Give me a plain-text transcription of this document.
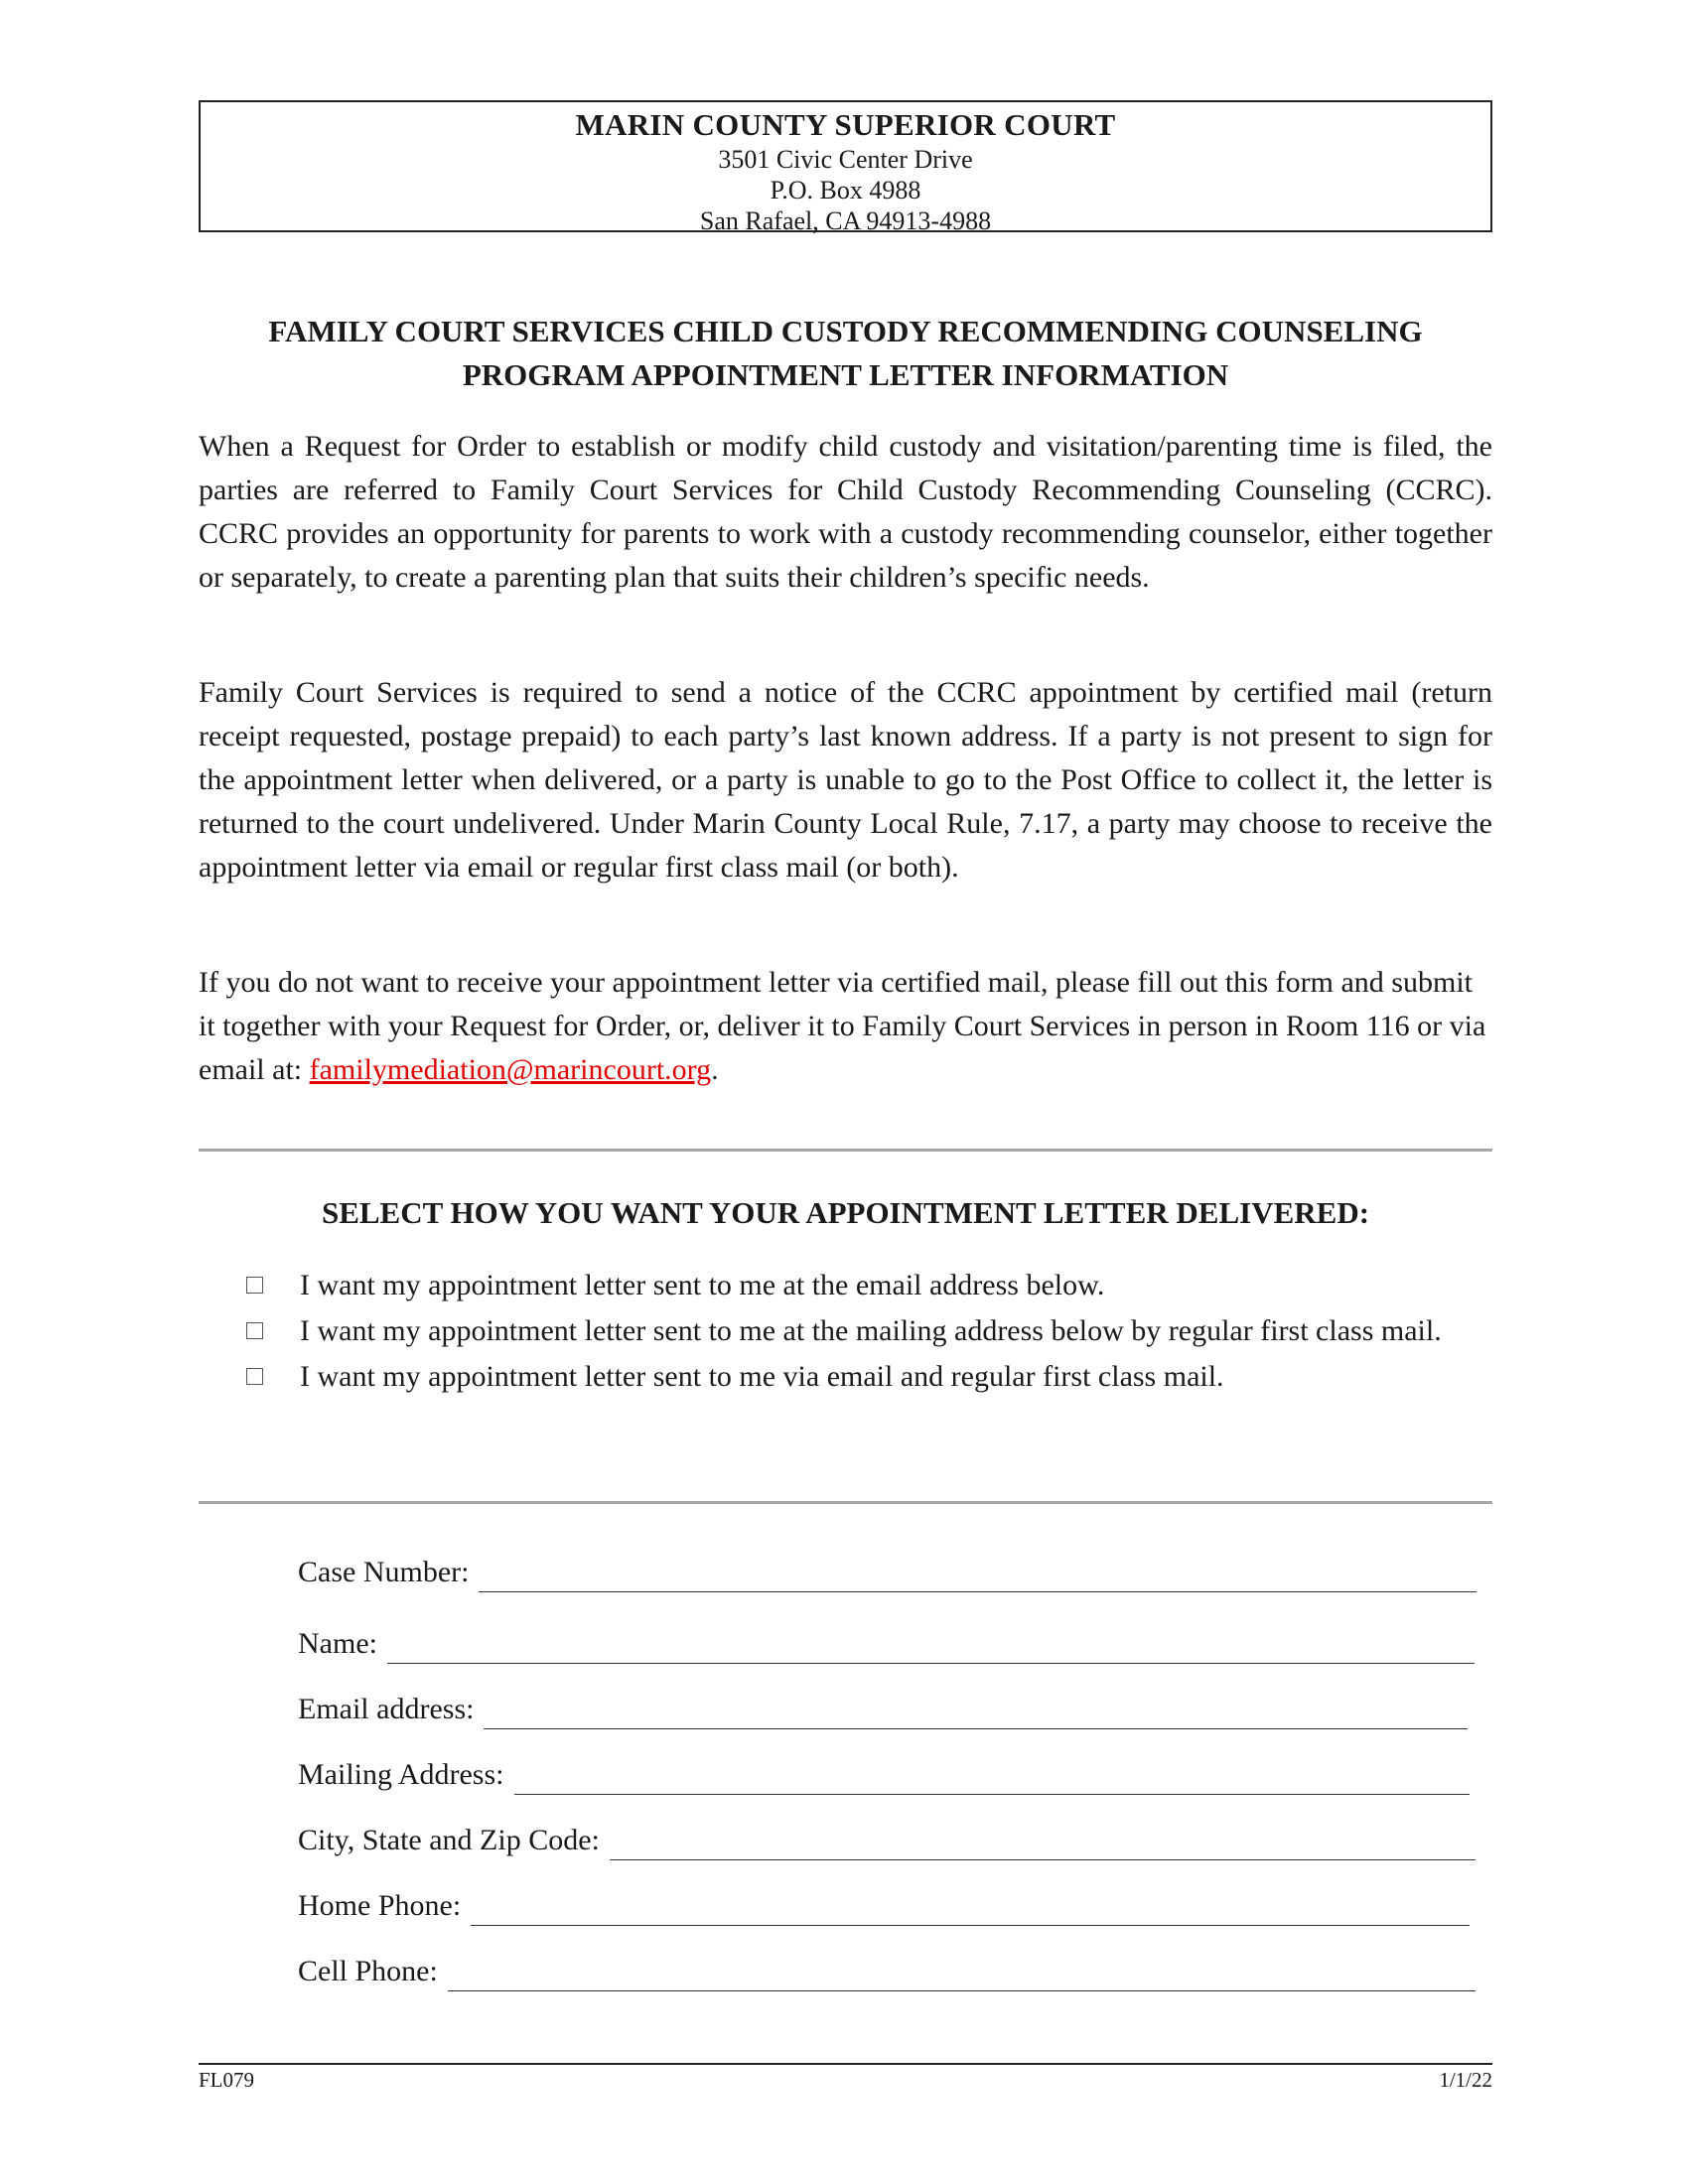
MARIN COUNTY SUPERIOR COURT
3501 Civic Center Drive
P.O. Box 4988
San Rafael, CA 94913-4988
FAMILY COURT SERVICES CHILD CUSTODY RECOMMENDING COUNSELING
PROGRAM APPOINTMENT LETTER INFORMATION

When a Request for Order to establish or modify child custody and visitation/parenting time is filed, the parties are referred to Family Court Services for Child Custody Recommending Counseling (CCRC). CCRC provides an opportunity for parents to work with a custody recommending counselor, either together or separately, to create a parenting plan that suits their children’s specific needs.

Family Court Services is required to send a notice of the CCRC appointment by certified mail (return receipt requested, postage prepaid) to each party’s last known address. If a party is not present to sign for the appointment letter when delivered, or a party is unable to go to the Post Office to collect it, the letter is returned to the court undelivered. Under Marin County Local Rule, 7.17, a party may choose to receive the appointment letter via email or regular first class mail (or both).

If you do not want to receive your appointment letter via certified mail, please fill out this form and submit it together with your Request for Order, or, deliver it to Family Court Services in person in Room 116 or via email at: familymediation@marincourt.org.

SELECT HOW YOU WANT YOUR APPOINTMENT LETTER DELIVERED:
I want my appointment letter sent to me at the email address below.
I want my appointment letter sent to me at the mailing address below by regular first class mail.
I want my appointment letter sent to me via email and regular first class mail.
Case Number:
Name:
Email address:
Mailing Address:
City, State and Zip Code:
Home Phone:
Cell Phone:
FL079	1/1/22
